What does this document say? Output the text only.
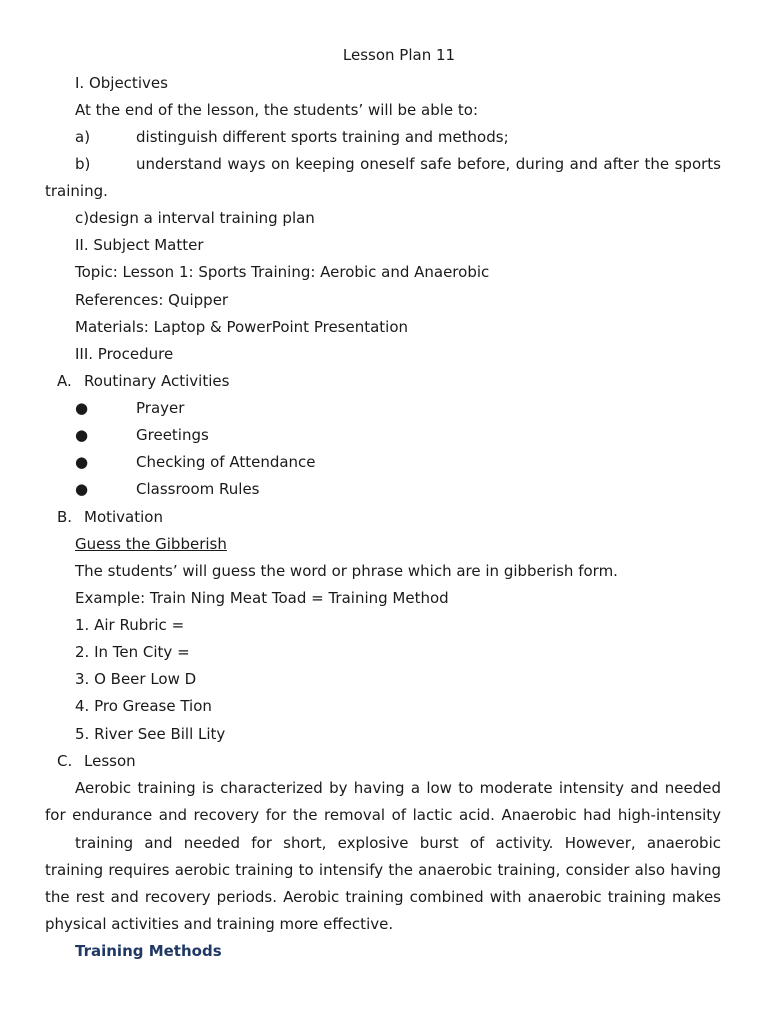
Lesson Plan 11
I. Objectives
At the end of the lesson, the students’ will be able to:
a)	distinguish different sports training and methods;
b)	understand ways on keeping oneself safe before, during and after the sports
training.
c)design a interval training plan
II. Subject Matter
Topic: Lesson 1: Sports Training: Aerobic and Anaerobic
References: Quipper
Materials: Laptop & PowerPoint Presentation
III. Procedure
A. Routinary Activities
●	Prayer
●	Greetings
●	Checking of Attendance
●	Classroom Rules
B. Motivation
Guess the Gibberish
The students’ will guess the word or phrase which are in gibberish form.
Example: Train Ning Meat Toad = Training Method
1. Air Rubric =
2. In Ten City =
3. O Beer Low D
4. Pro Grease Tion
5. River See Bill Lity
C. Lesson
Aerobic training is characterized by having a low to moderate intensity and needed
for endurance and recovery for the removal of lactic acid. Anaerobic had high-intensity
training and needed for short, explosive burst of activity. However, anaerobic
training requires aerobic training to intensify the anaerobic training, consider also having
the rest and recovery periods. Aerobic training combined with anaerobic training makes
physical activities and training more effective.
Training Methods
